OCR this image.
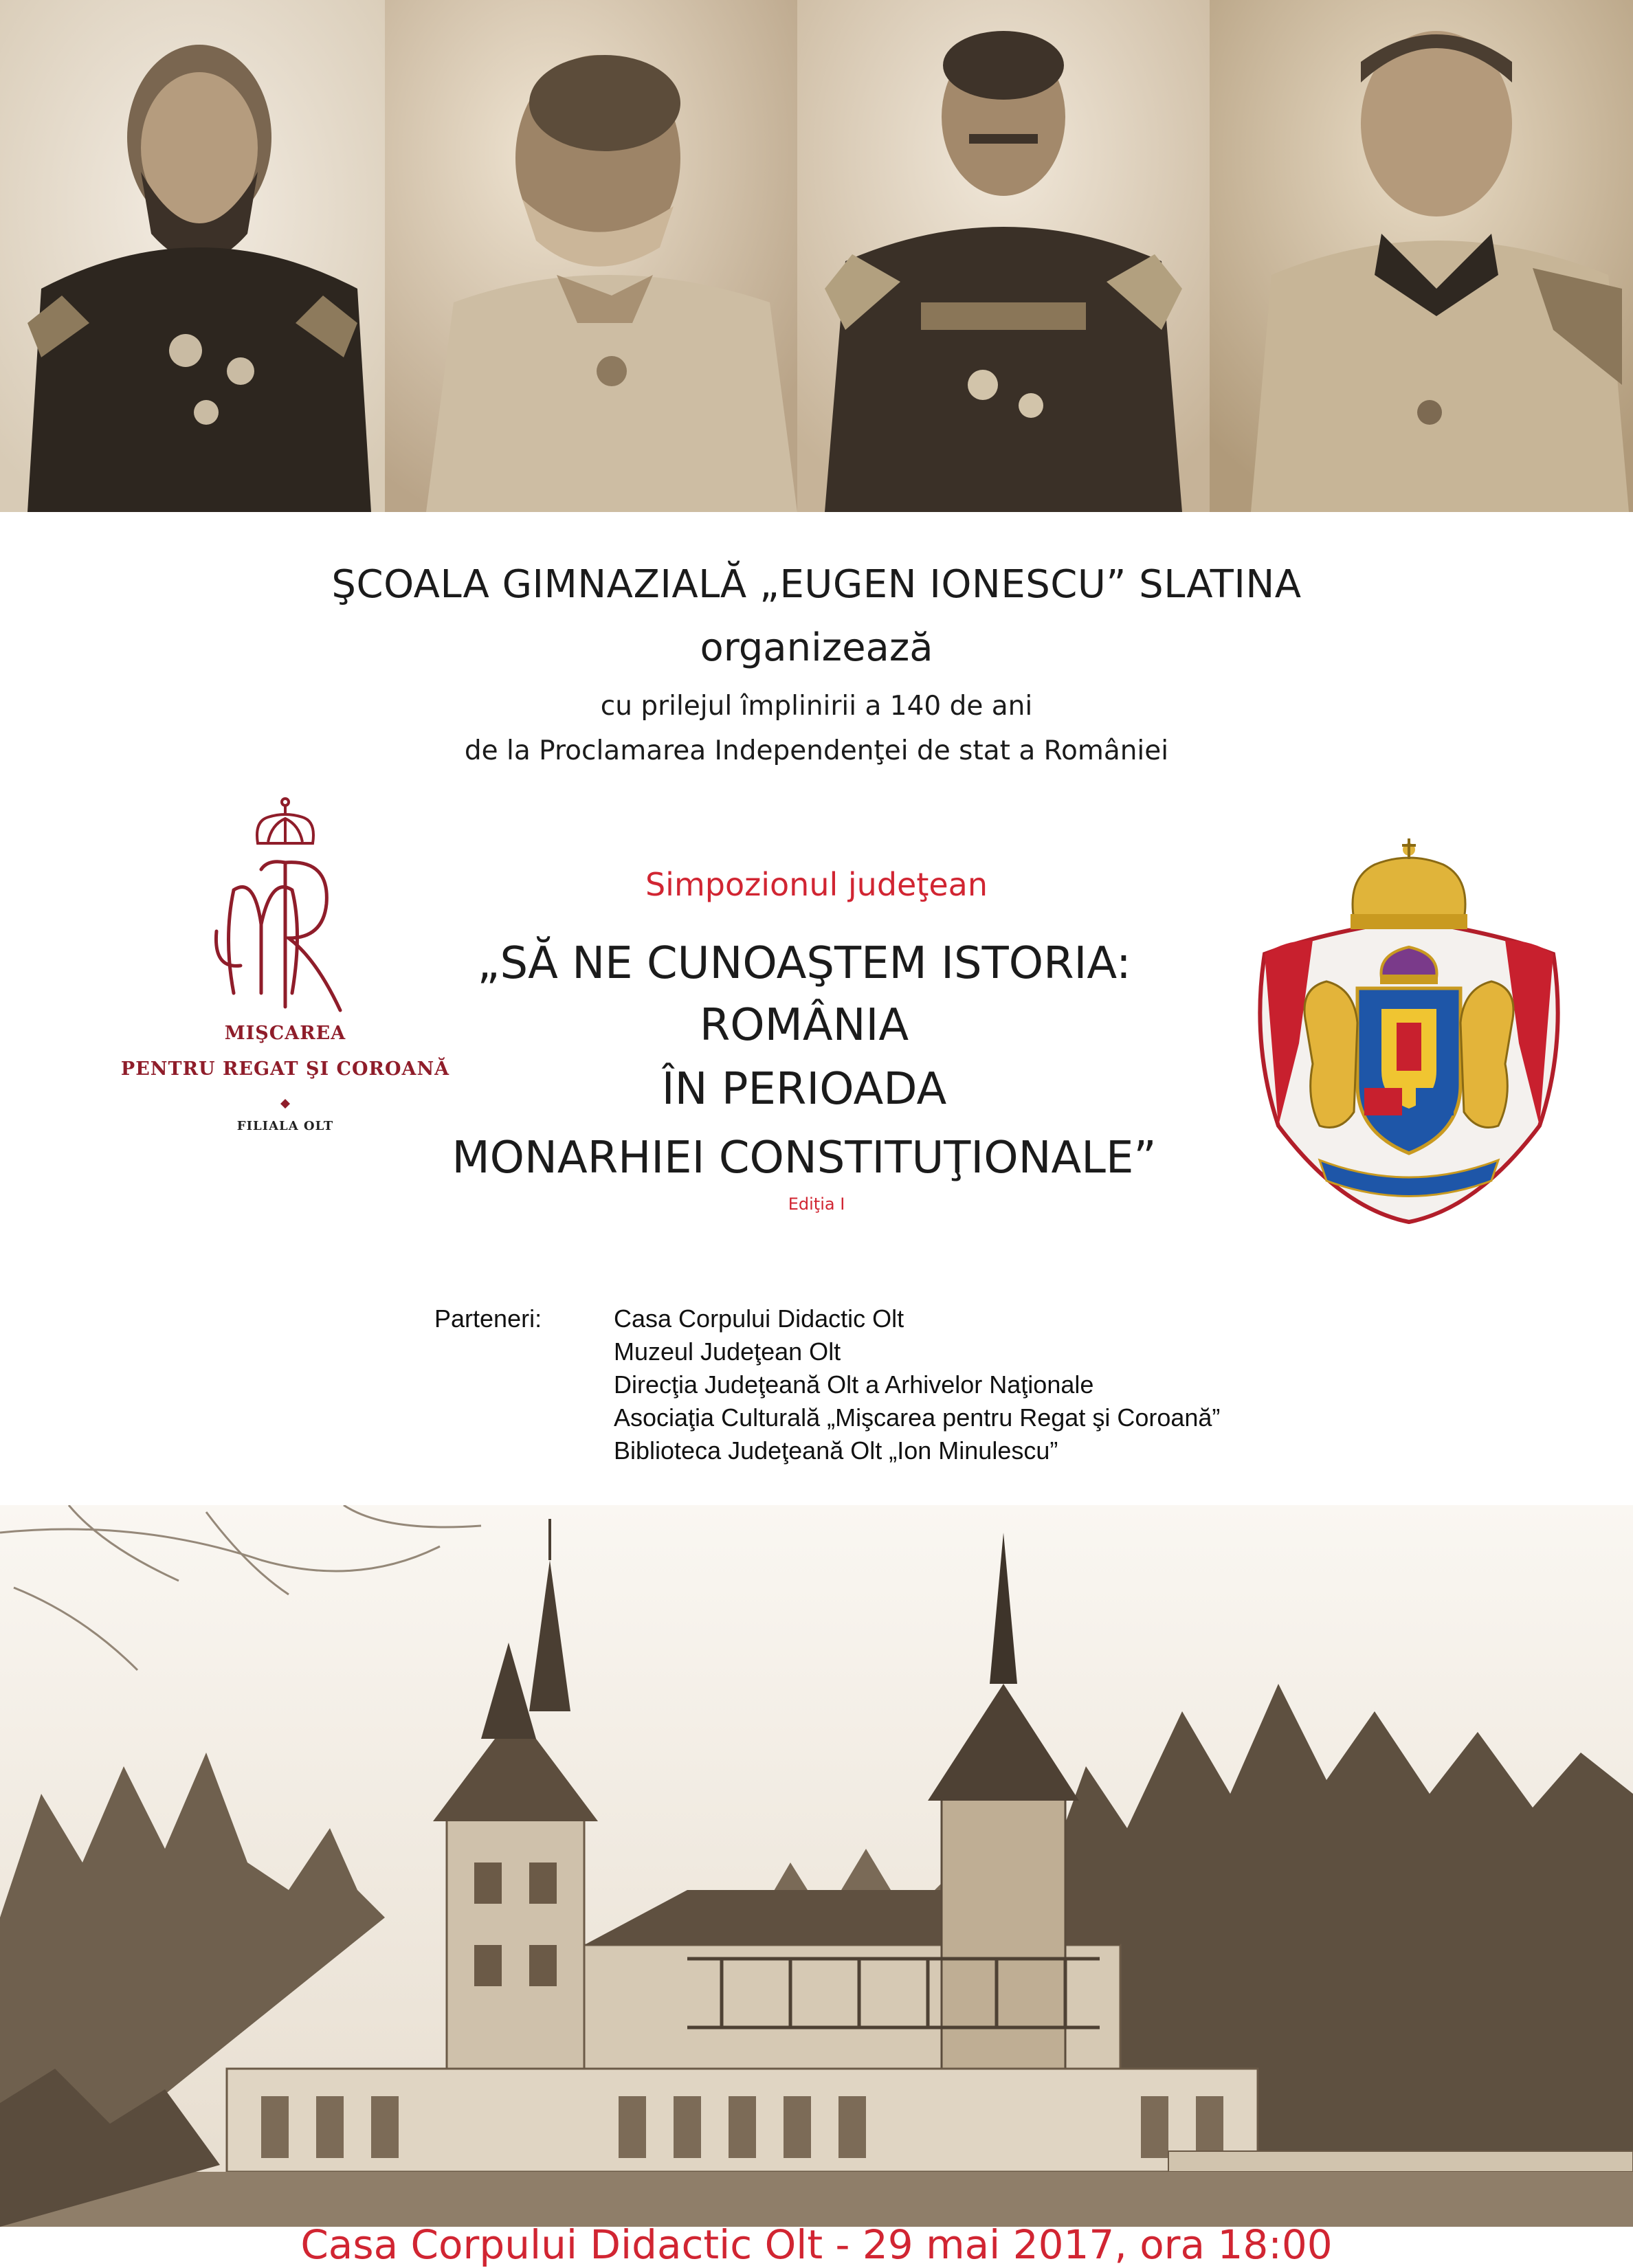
ŞCOALA GIMNAZIALĂ „EUGEN IONESCU” SLATINA
organizează
cu prilejul împlinirii a 140 de ani
de la Proclamarea Independenţei de stat a României
MIŞCAREA
PENTRU REGAT ŞI COROANĂ
FILIALA OLT
Simpozionul judeţean
„SĂ NE CUNOAŞTEM ISTORIA:
ROMÂNIA
ÎN PERIOADA
MONARHIEI CONSTITUŢIONALE”
Ediţia I
Parteneri:	Casa Corpului Didactic Olt
Muzeul Judeţean Olt
Direcţia Judeţeană Olt a Arhivelor Naţionale
Asociaţia Culturală „Mişcarea pentru Regat şi Coroană”
Biblioteca Judeţeană Olt „Ion Minulescu”
Casa Corpului Didactic Olt - 29 mai 2017, ora 18:00
